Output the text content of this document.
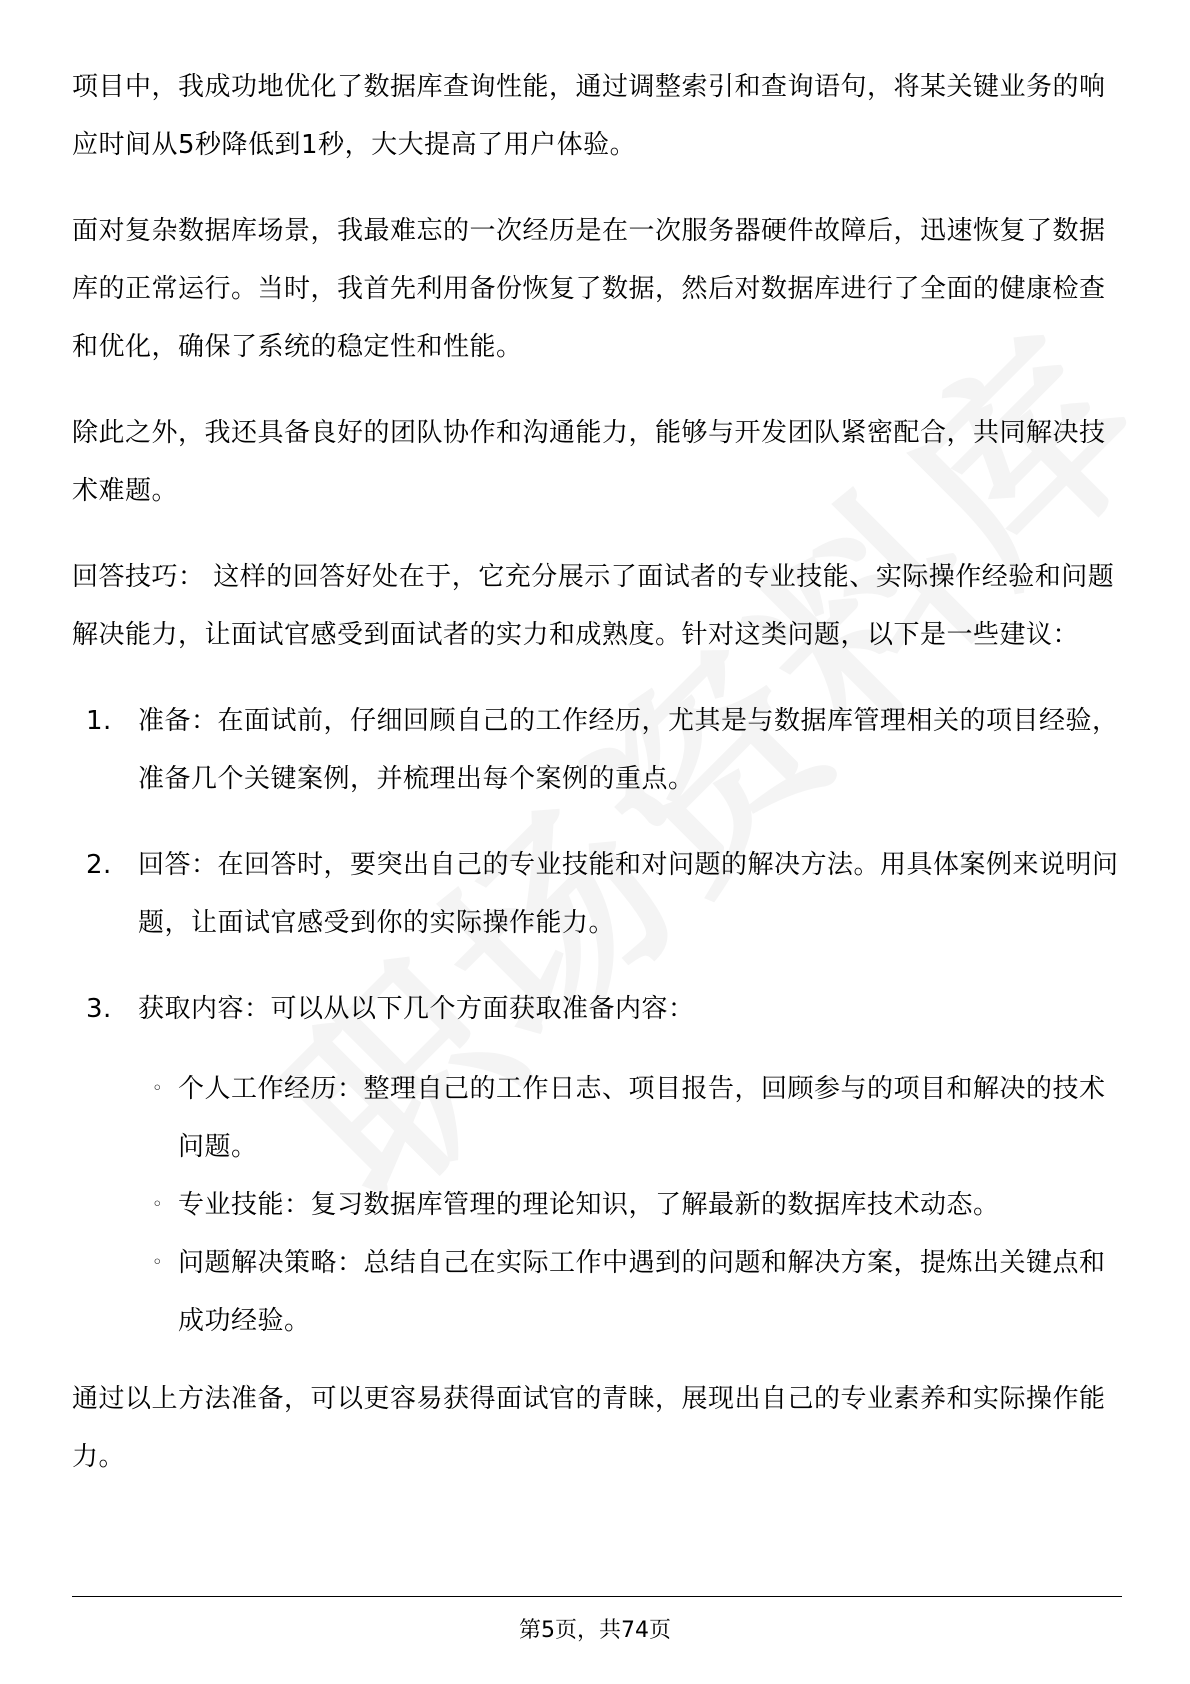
项目中，我成功地优化了数据库查询性能，通过调整索引和查询语句，将某关键业务的响应时间从5秒降低到1秒，大大提高了用户体验。

面对复杂数据库场景，我最难忘的一次经历是在一次服务器硬件故障后，迅速恢复了数据库的正常运行。当时，我首先利用备份恢复了数据，然后对数据库进行了全面的健康检查和优化，确保了系统的稳定性和性能。

除此之外，我还具备良好的团队协作和沟通能力，能够与开发团队紧密配合，共同解决技术难题。

回答技巧： 这样的回答好处在于，它充分展示了面试者的专业技能、实际操作经验和问题解决能力，让面试官感受到面试者的实力和成熟度。针对这类问题，以下是一些建议：

1. 准备：在面试前，仔细回顾自己的工作经历，尤其是与数据库管理相关的项目经验，准备几个关键案例，并梳理出每个案例的重点。
2. 回答：在回答时，要突出自己的专业技能和对问题的解决方法。用具体案例来说明问题，让面试官感受到你的实际操作能力。
3. 获取内容：可以从以下几个方面获取准备内容：
◦ 个人工作经历：整理自己的工作日志、项目报告，回顾参与的项目和解决的技术问题。
◦ 专业技能：复习数据库管理的理论知识，了解最新的数据库技术动态。
◦ 问题解决策略：总结自己在实际工作中遇到的问题和解决方案，提炼出关键点和成功经验。

通过以上方法准备，可以更容易获得面试官的青睐，展现出自己的专业素养和实际操作能力。

第5页，共74页
